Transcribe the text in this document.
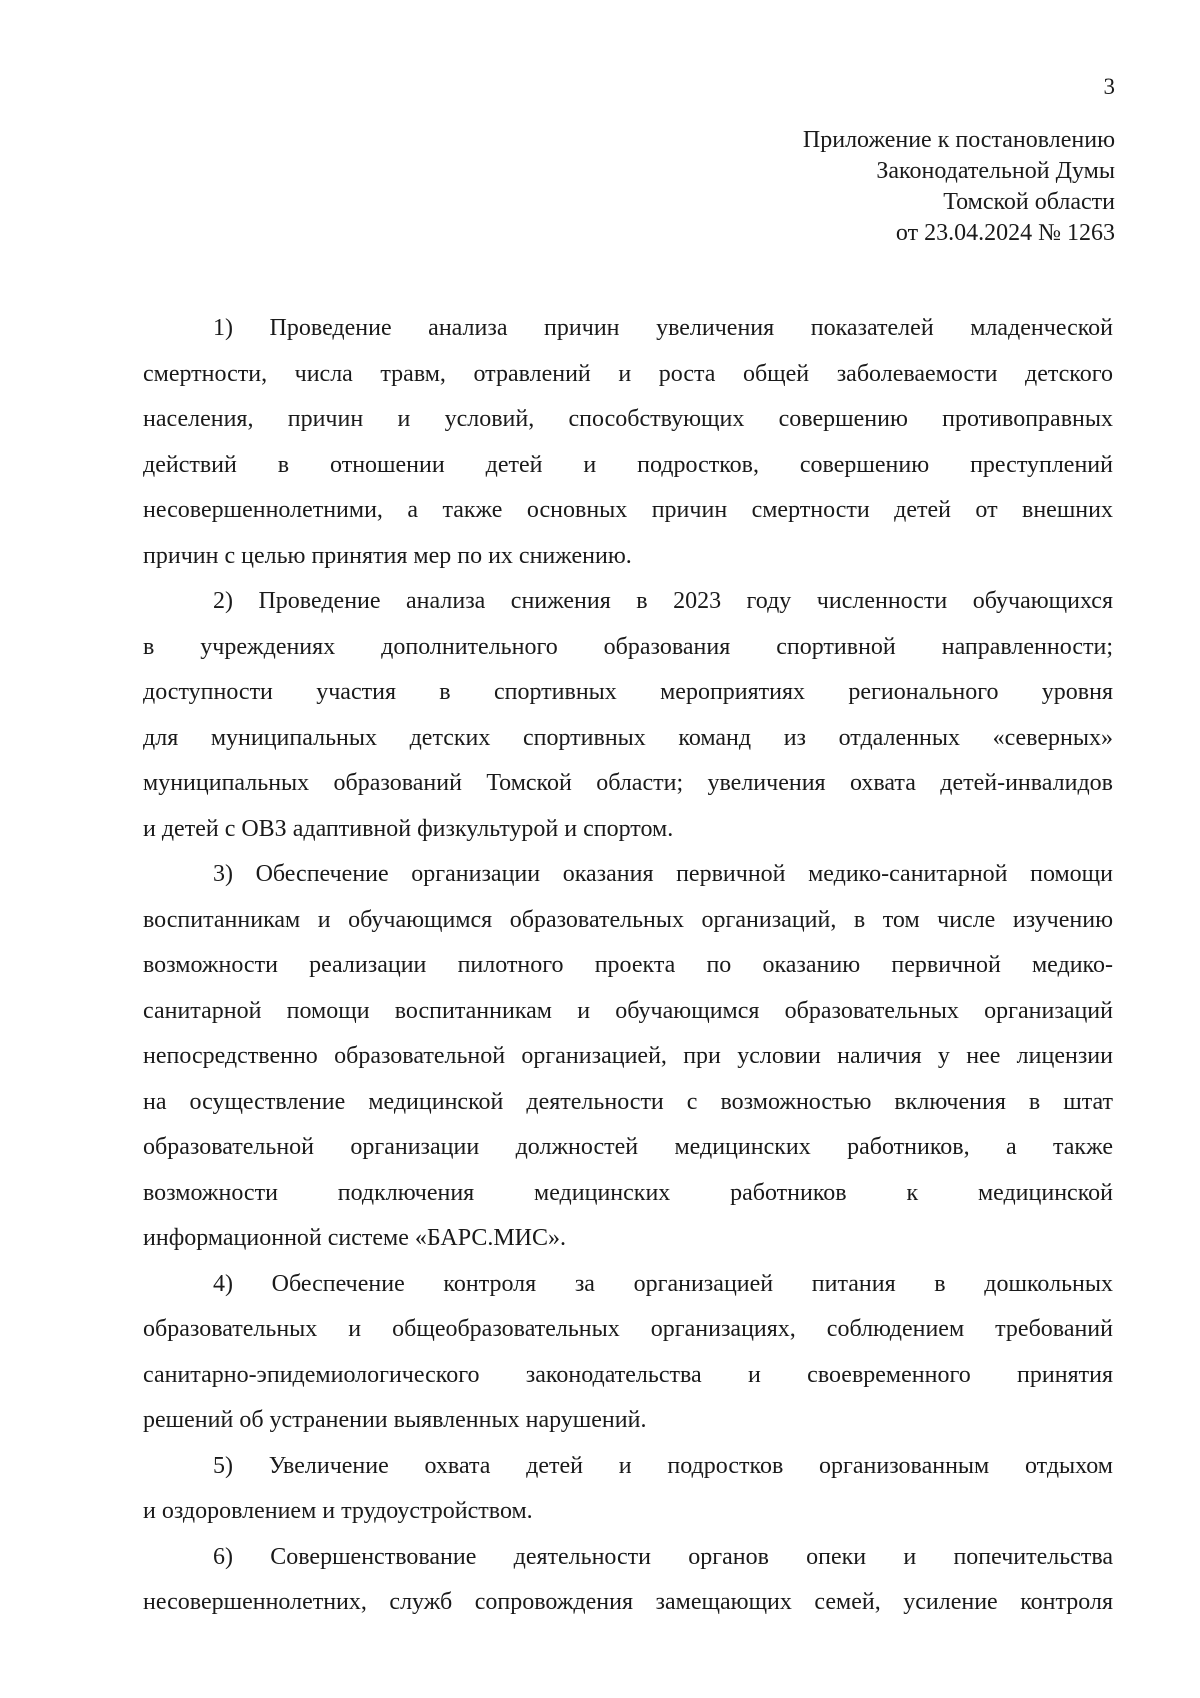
3
Приложение к постановлению
Законодательной Думы
Томской области
от 23.04.2024 № 1263
1) Проведение анализа причин увеличения показателей младенческой
смертности, числа травм, отравлений и роста общей заболеваемости детского
населения, причин и условий, способствующих совершению противоправных
действий в отношении детей и подростков, совершению преступлений
несовершеннолетними, а также основных причин смертности детей от внешних
причин с целью принятия мер по их снижению.
2) Проведение анализа снижения в 2023 году численности обучающихся
в учреждениях дополнительного образования спортивной направленности;
доступности участия в спортивных мероприятиях регионального уровня
для муниципальных детских спортивных команд из отдаленных «северных»
муниципальных образований Томской области; увеличения охвата детей-инвалидов
и детей с ОВЗ адаптивной физкультурой и спортом.
3) Обеспечение организации оказания первичной медико-санитарной помощи
воспитанникам и обучающимся образовательных организаций, в том числе изучению
возможности реализации пилотного проекта по оказанию первичной медико-
санитарной помощи воспитанникам и обучающимся образовательных организаций
непосредственно образовательной организацией, при условии наличия у нее лицензии
на осуществление медицинской деятельности с возможностью включения в штат
образовательной организации должностей медицинских работников, а также
возможности подключения медицинских работников к медицинской
информационной системе «БАРС.МИС».
4) Обеспечение контроля за организацией питания в дошкольных
образовательных и общеобразовательных организациях, соблюдением требований
санитарно-эпидемиологического законодательства и своевременного принятия
решений об устранении выявленных нарушений.
5) Увеличение охвата детей и подростков организованным отдыхом
и оздоровлением и трудоустройством.
6) Совершенствование деятельности органов опеки и попечительства
несовершеннолетних, служб сопровождения замещающих семей, усиление контроля
